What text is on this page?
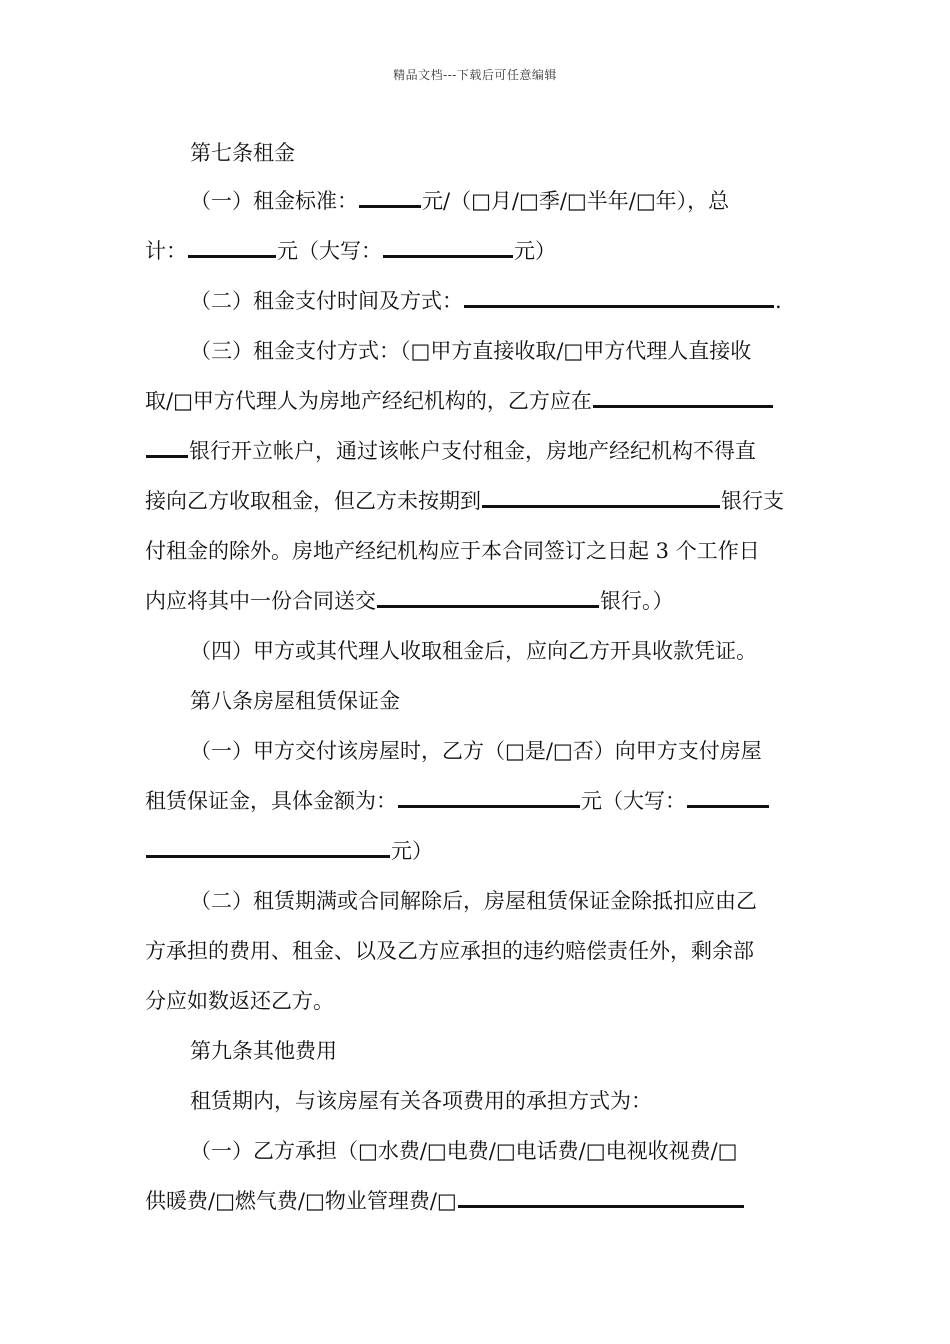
精品文档---下载后可任意编辑
第七条租金
（一）租金标准：	元/（□月/□季/□半年/□年），总
计：	元（大写：	元）
（二）租金支付时间及方式：	.
（三）租金支付方式：（□甲方直接收取/□甲方代理人直接收
取/□甲方代理人为房地产经纪机构的，乙方应在
银行开立帐户，通过该帐户支付租金，房地产经纪机构不得直
接向乙方收取租金，但乙方未按期到	银行支
付租金的除外。房地产经纪机构应于本合同签订之日起 3 个工作日
内应将其中一份合同送交	银行。）
（四）甲方或其代理人收取租金后，应向乙方开具收款凭证。
第八条房屋租赁保证金
（一）甲方交付该房屋时，乙方（□是/□否）向甲方支付房屋
租赁保证金，具体金额为：	元（大写：
元）
（二）租赁期满或合同解除后，房屋租赁保证金除抵扣应由乙
方承担的费用、租金、以及乙方应承担的违约赔偿责任外，剩余部
分应如数返还乙方。
第九条其他费用
租赁期内，与该房屋有关各项费用的承担方式为：
（一）乙方承担（□水费/□电费/□电话费/□电视收视费/□
供暖费/□燃气费/□物业管理费/□
